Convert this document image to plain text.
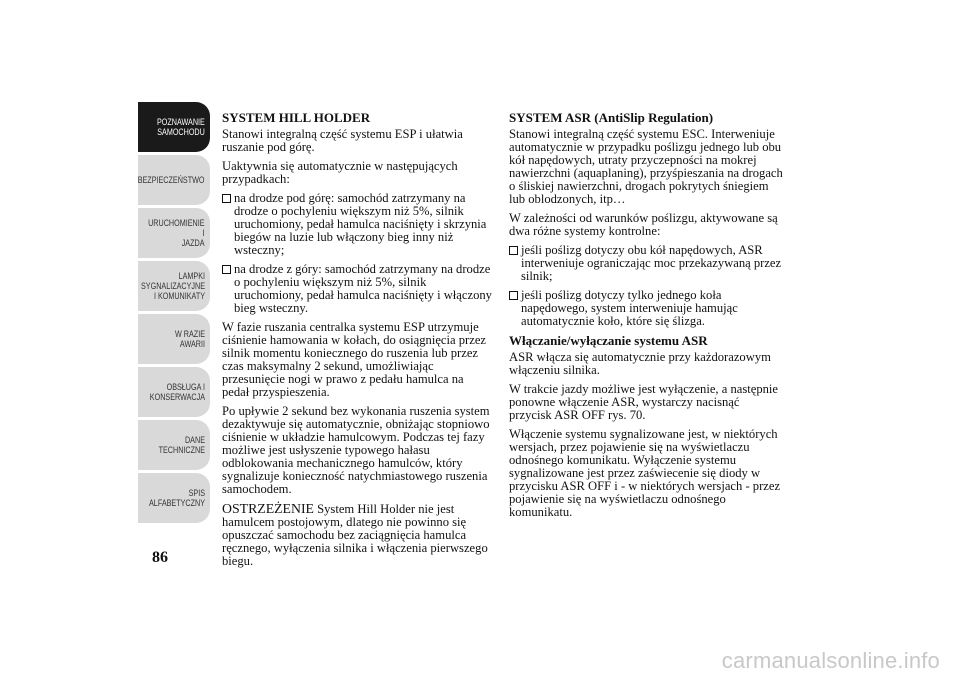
POZNAWANIE
SAMOCHODU
BEZPIECZEŃSTWO
URUCHOMIENIE I
JAZDA
LAMPKI
SYGNALIZACYJNE
I KOMUNIKATY
W RAZIE AWARII
OBSŁUGA I
KONSERWACJA
DANE
TECHNICZNE
SPIS
ALFABETYCZNY
86

SYSTEM HILL HOLDER

Stanowi integralną część systemu ESP i ułatwia ruszanie pod górę.

Uaktywnia się automatycznie w następujących przypadkach:

na drodze pod górę: samochód zatrzymany na drodze o pochyleniu większym niż 5%, silnik uruchomiony, pedał hamulca naciśnięty i skrzynia biegów na luzie lub włączony bieg inny niż wsteczny;

na drodze z góry: samochód zatrzymany na drodze o pochyleniu większym niż 5%, silnik uruchomiony, pedał hamulca naciśnięty i włączony bieg wsteczny.

W fazie ruszania centralka systemu ESP utrzymuje ciśnienie hamowania w kołach, do osiągnięcia przez silnik momentu koniecznego do ruszenia lub przez czas maksymalny 2 sekund, umożliwiając przesunięcie nogi w prawo z pedału hamulca na pedał przyspieszenia.

Po upływie 2 sekund bez wykonania ruszenia system dezaktywuje się automatycznie, obniżając stopniowo ciśnienie w układzie hamulcowym. Podczas tej fazy możliwe jest usłyszenie typowego hałasu odblokowania mechanicznego hamulców, który sygnalizuje konieczność natychmiastowego ruszenia samochodem.

OSTRZEŻENIE System Hill Holder nie jest hamulcem postojowym, dlatego nie powinno się opuszczać samochodu bez zaciągnięcia hamulca ręcznego, wyłączenia silnika i włączenia pierwszego biegu.

SYSTEM ASR (AntiSlip Regulation)

Stanowi integralną część systemu ESC. Interweniuje automatycznie w przypadku poślizgu jednego lub obu kół napędowych, utraty przyczepności na mokrej nawierzchni (aquaplaning), przyśpieszania na drogach o śliskiej nawierzchni, drogach pokrytych śniegiem lub oblodzonych, itp…

W zależności od warunków poślizgu, aktywowane są dwa różne systemy kontrolne:

jeśli poślizg dotyczy obu kół napędowych, ASR interweniuje ograniczając moc przekazywaną przez silnik;

jeśli poślizg dotyczy tylko jednego koła napędowego, system interweniuje hamując automatycznie koło, które się ślizga.

Włączanie/wyłączanie systemu ASR

ASR włącza się automatycznie przy każdorazowym włączeniu silnika.

W trakcie jazdy możliwe jest wyłączenie, a następnie ponowne włączenie ASR, wystarczy nacisnąć przycisk ASR OFF rys. 70.

Włączenie systemu sygnalizowane jest, w niektórych wersjach, przez pojawienie się na wyświetlaczu odnośnego komunikatu. Wyłączenie systemu sygnalizowane jest przez zaświecenie się diody w przycisku ASR OFF i - w niektórych wersjach - przez pojawienie się na wyświetlaczu odnośnego komunikatu.

carmanualsonline.info
